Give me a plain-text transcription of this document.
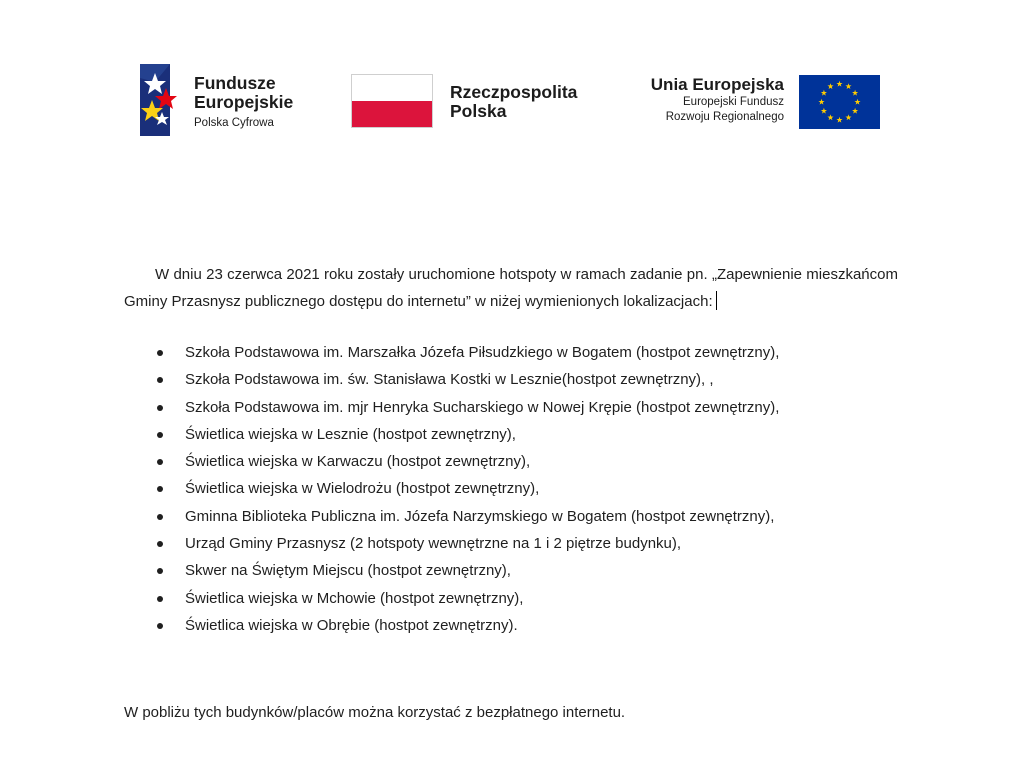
Fundusze
Europejskie
Polska Cyfrowa
Rzeczpospolita
Polska
Unia Europejska
Europejski Fundusz
Rozwoju Regionalnego

W dniu 23 czerwca 2021 roku zostały uruchomione hotspoty w ramach zadanie pn. „Zapewnienie mieszkańcom Gminy Przasnysz publicznego dostępu do internetu” w niżej wymienionych lokalizacjach:

Szkoła Podstawowa im. Marszałka Józefa Piłsudzkiego w Bogatem (hostpot zewnętrzny),
Szkoła Podstawowa im. św. Stanisława Kostki w Lesznie(hostpot zewnętrzny), ,
Szkoła Podstawowa im. mjr Henryka Sucharskiego w Nowej Krępie (hostpot zewnętrzny),
Świetlica wiejska w Lesznie (hostpot zewnętrzny),
Świetlica wiejska w Karwaczu (hostpot zewnętrzny),
Świetlica wiejska w Wielodrożu (hostpot zewnętrzny),
Gminna Biblioteka Publiczna im. Józefa Narzymskiego w Bogatem (hostpot zewnętrzny),
Urząd Gminy Przasnysz (2 hotspoty wewnętrzne na 1 i 2 piętrze budynku),
Skwer na Świętym Miejscu (hostpot zewnętrzny),
Świetlica wiejska w Mchowie (hostpot zewnętrzny),
Świetlica wiejska w Obrębie (hostpot zewnętrzny).

W pobliżu tych budynków/placów można korzystać z bezpłatnego internetu.
